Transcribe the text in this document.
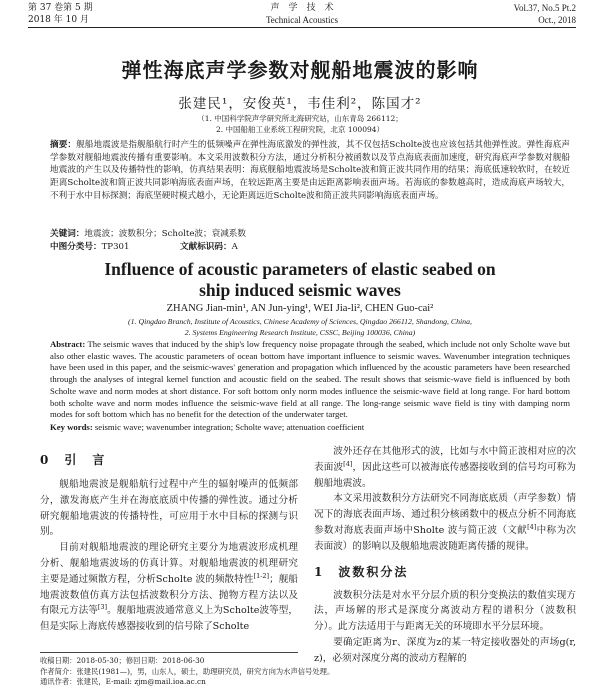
第 37 卷第 5 期
2018 年 10 月
声　学　技　术
Technical Acoustics
Vol.37, No.5 Pt.2
Oct., 2018
弹性海底声学参数对舰船地震波的影响
张建民¹，安俊英¹，韦佳利²，陈国才²
（1. 中国科学院声学研究所北海研究站，山东青岛 266112；
2. 中国船舶工业系统工程研究院，北京 100094）
摘要：舰船地震波是指舰船航行时产生的低频噪声在弹性海底激发的弹性波，其不仅包括Scholte波也应该包括其他弹性波。弹性海底声学参数对舰船地震波传播有重要影响。本文采用波数积分方法，通过分析积分被函数以及节点海底表面加速度，研究海底声学参数对舰船地震波的产生以及传播特性的影响，仿真结果表明：海底舰船地震波场是Scholte波和简正波共同作用的结果；海底低速较软时，在较近距离Scholte波和简正波共同影响海底表面声场，在较远距离主要是由远距离影响表面声场。若海底的参数越高时，造成海底声场较大，不利于水中目标探测；海底坚硬时模式越小，无论距离远近Scholte波和简正波共同影响海底表面声场。
关键词：地震波；波数积分；Scholte波；衰减系数
中图分类号：TP301	文献标识码：A
Influence of acoustic parameters of elastic seabed on ship induced seismic waves
ZHANG Jian-min¹, AN Jun-ying¹, WEI Jia-li², CHEN Guo-cai²
(1. Qingdao Branch, Institute of Acoustics, Chinese Academy of Sciences, Qingdao 266112, Shandong, China,
2. Systems Engineering Research Institute, CSSC, Beijing 100036, China)
Abstract: The seismic waves that induced by the ship's low frequency noise propagate through the seabed, which include not only Scholte wave but also other elastic waves. The acoustic parameters of ocean bottom have important influence to seismic waves. Wavenumber integration techniques have been used in this paper, and the seismic-waves' generation and propagation which influenced by the acoustic parameters have been researched through the analyses of integral kernel function and acoustic field on the seabed. The result shows that seismic-wave field is influenced by both Scholte wave and norm modes at short distance. For soft bottom only norm modes influence the seismic-wave field at long range. For hard bottom both scholte wave and norm modes influence the seismic-wave field at all range. The long-range seismic wave field is tiny with damping norm modes for soft bottom which has no benefit for the detection of the underwater target.
Key words: seismic wave; wavenumber integration; Scholte wave; attenuation coefficient

0　引　言

舰船地震波是舰船航行过程中产生的辐射噪声的低频部分，激发海底产生并在海底底质中传播的弹性波。通过分析研究舰船地震波的传播特性，可应用于水中目标的探测与识别。

目前对舰船地震波的理论研究主要分为地震波形成机理分析、舰船地震波场的仿真计算。对舰船地震波的机理研究主要是通过频散方程，分析Scholte 波的频散特性[1-2]；舰船地震波数值仿真方法包括波数积分方法、抛物方程方法以及有限元方法等[3]。舰船地震波通常意义上为Scholte波等型，但是实际上海底传感器接收到的信号除了Scholte

波外还存在其他形式的波，比如与水中简正波相对应的次表面波[4]，因此这些可以被海底传感器接收到的信号均可称为舰船地震波。

本文采用波数积分方法研究不同海底底质（声学参数）情况下的海底表面声场、通过积分核函数中的极点分析不同海底参数对海底表面声场中Sholte 波与简正波（文献[4]中称为次表面波）的影响以及舰船地震波随距离传播的规律。

1　波数积分法

波数积分法是对水平分层介质的积分变换法的数值实现方法，声场解的形式是深度分离波动方程的谱积分（波数积分）。此方法适用于与距离无关的环境即水平分层环境。

要确定距离为r、深度为z的某一特定接收器处的声场g(r, z)，必须对深度分离的波动方程解的

收稿日期：2018-05-30；修回日期：2018-06-30
作者简介：张建民(1981—)，男，山东人，硕士，助理研究员，研究方向为水声信号处理。
通讯作者：张建民，E-mail: zjm@mail.ioa.ac.cn
